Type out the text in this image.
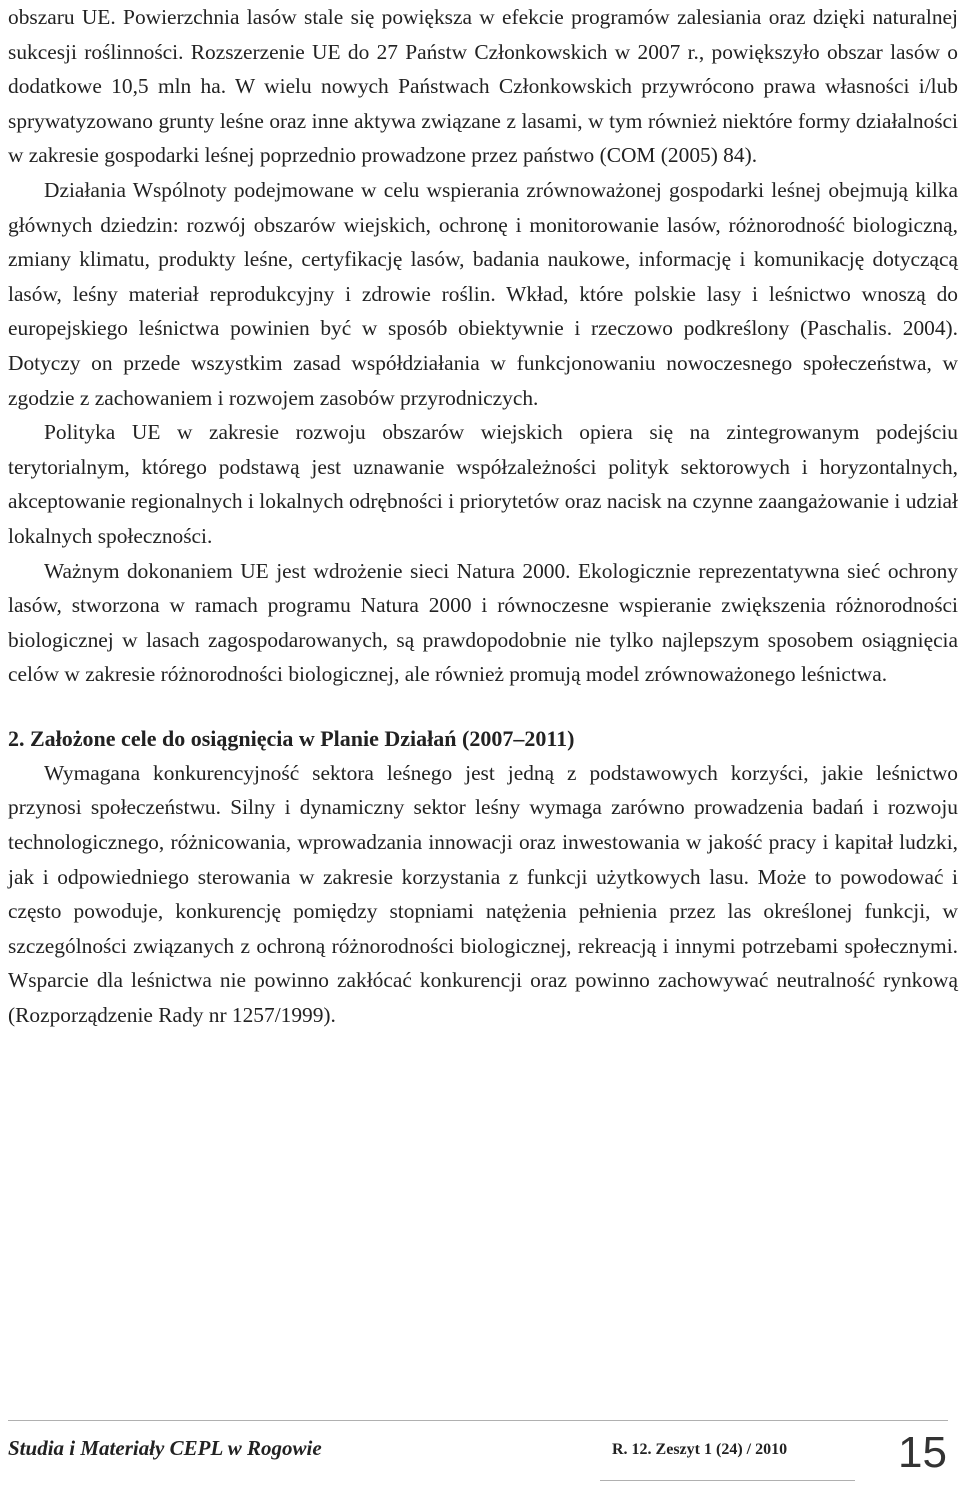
obszaru UE. Powierzchnia lasów stale się powiększa w efekcie programów zalesiania oraz dzięki naturalnej sukcesji roślinności. Rozszerzenie UE do 27 Państw Członkowskich w 2007 r., powiększyło obszar lasów o dodatkowe 10,5 mln ha. W wielu nowych Państwach Członkowskich przywrócono prawa własności i/lub sprywatyzowano grunty leśne oraz inne aktywa związane z lasami, w tym również niektóre formy działalności w zakresie gospodarki leśnej poprzednio prowadzone przez państwo (COM (2005) 84).

Działania Wspólnoty podejmowane w celu wspierania zrównoważonej gospodarki leśnej obejmują kilka głównych dziedzin: rozwój obszarów wiejskich, ochronę i monitorowanie lasów, różnorodność biologiczną, zmiany klimatu, produkty leśne, certyfikację lasów, badania naukowe, informację i komunikację dotyczącą lasów, leśny materiał reprodukcyjny i zdrowie roślin. Wkład, które polskie lasy i leśnictwo wnoszą do europejskiego leśnictwa powinien być w sposób obiektywnie i rzeczowo podkreślony (Paschalis. 2004). Dotyczy on przede wszystkim zasad współdziałania w funkcjonowaniu nowoczesnego społeczeństwa, w zgodzie z zachowaniem i rozwojem zasobów przyrodniczych.

Polityka UE w zakresie rozwoju obszarów wiejskich opiera się na zintegrowanym podejściu terytorialnym, którego podstawą jest uznawanie współzależności polityk sektorowych i horyzontalnych, akceptowanie regionalnych i lokalnych odrębności i priorytetów oraz nacisk na czynne zaangażowanie i udział lokalnych społeczności.

Ważnym dokonaniem UE jest wdrożenie sieci Natura 2000. Ekologicznie reprezentatywna sieć ochrony lasów, stworzona w ramach programu Natura 2000 i równoczesne wspieranie zwiększenia różnorodności biologicznej w lasach zagospodarowanych, są prawdopodobnie nie tylko najlepszym sposobem osiągnięcia celów w zakresie różnorodności biologicznej, ale również promują model zrównoważonego leśnictwa.

2. Założone cele do osiągnięcia w Planie Działań (2007–2011)

Wymagana konkurencyjność sektora leśnego jest jedną z podstawowych korzyści, jakie leśnictwo przynosi społeczeństwu. Silny i dynamiczny sektor leśny wymaga zarówno prowadzenia badań i rozwoju technologicznego, różnicowania, wprowadzania innowacji oraz inwestowania w jakość pracy i kapitał ludzki, jak i odpowiedniego sterowania w zakresie korzystania z funkcji użytkowych lasu. Może to powodować i często powoduje, konkurencję pomiędzy stopniami natężenia pełnienia przez las określonej funkcji, w szczególności związanych z ochroną różnorodności biologicznej, rekreacją i innymi potrzebami społecznymi. Wsparcie dla leśnictwa nie powinno zakłócać konkurencji oraz powinno zachowywać neutralność rynkową (Rozporządzenie Rady nr 1257/1999).

Studia i Materiały CEPL w Rogowie	R. 12. Zeszyt 1 (24) / 2010	15
